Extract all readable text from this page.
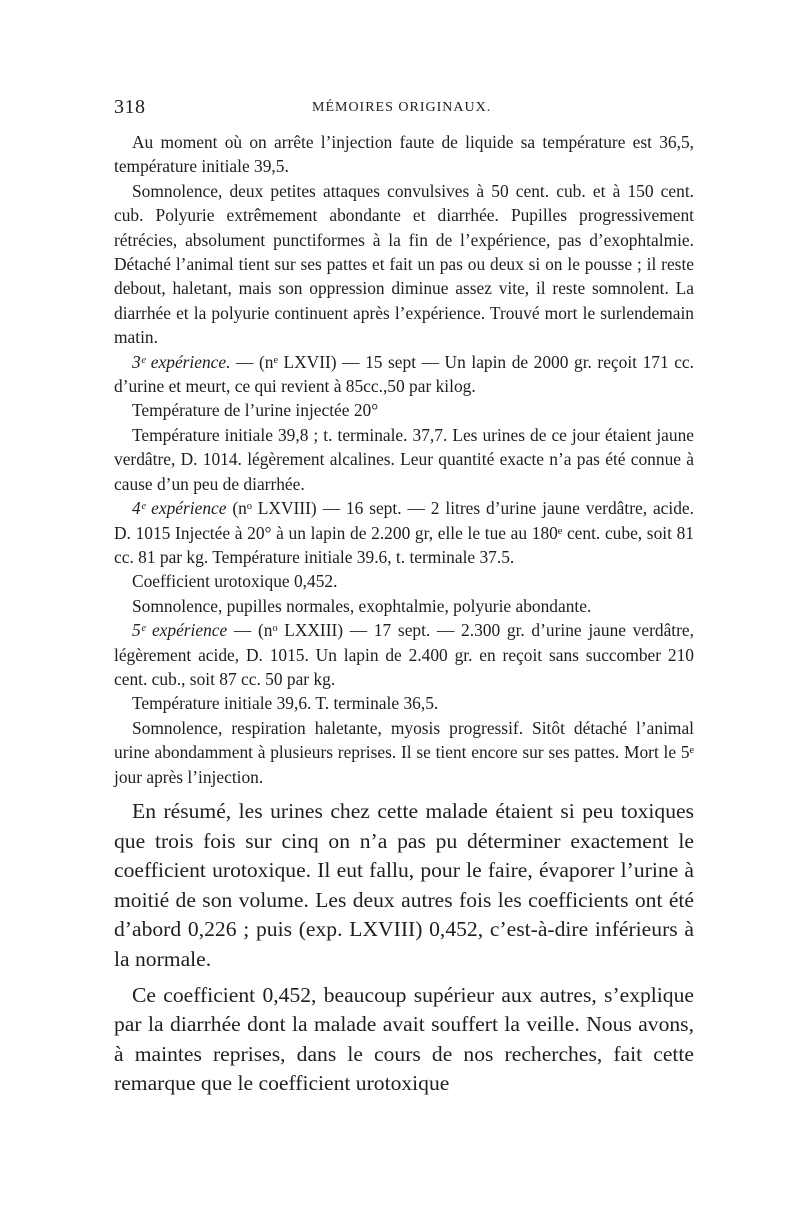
318	MÉMOIRES ORIGINAUX.

Au moment où on arrête l’injection faute de liquide sa température est 36,5, température initiale 39,5.

Somnolence, deux petites attaques convulsives à 50 cent. cub. et à 150 cent. cub. Polyurie extrêmement abondante et diarrhée. Pupilles progressivement rétrécies, absolument punctiformes à la fin de l’expérience, pas d’exophtalmie. Détaché l’animal tient sur ses pattes et fait un pas ou deux si on le pousse ; il reste debout, haletant, mais son oppression diminue assez vite, il reste somnolent. La diarrhée et la polyurie continuent après l’expérience. Trouvé mort le surlendemain matin.

3ᵉ expérience. — (nᵉ LXVII) — 15 sept — Un lapin de 2000 gr. reçoit 171 cc. d’urine et meurt, ce qui revient à 85cc.,50 par kilog.

Température de l’urine injectée 20°

Température initiale 39,8 ; t. terminale. 37,7. Les urines de ce jour étaient jaune verdâtre, D. 1014. légèrement alcalines. Leur quantité exacte n’a pas été connue à cause d’un peu de diarrhée.

4ᵉ expérience (nᵒ LXVIII) — 16 sept. — 2 litres d’urine jaune verdâtre, acide. D. 1015 Injectée à 20° à un lapin de 2.200 gr, elle le tue au 180ᵉ cent. cube, soit 81 cc. 81 par kg. Température initiale 39.6, t. terminale 37.5.

Coefficient urotoxique 0,452.

Somnolence, pupilles normales, exophtalmie, polyurie abondante.

5ᵉ expérience — (nᵒ LXXIII) — 17 sept. — 2.300 gr. d’urine jaune verdâtre, légèrement acide, D. 1015. Un lapin de 2.400 gr. en reçoit sans succomber 210 cent. cub., soit 87 cc. 50 par kg.

Température initiale 39,6. T. terminale 36,5.

Somnolence, respiration haletante, myosis progressif. Sitôt détaché l’animal urine abondamment à plusieurs reprises. Il se tient encore sur ses pattes. Mort le 5ᵉ jour après l’injection.

En résumé, les urines chez cette malade étaient si peu toxiques que trois fois sur cinq on n’a pas pu déterminer exactement le coefficient urotoxique. Il eut fallu, pour le faire, évaporer l’urine à moitié de son volume. Les deux autres fois les coefficients ont été d’abord 0,226 ; puis (exp. LXVIII) 0,452, c’est-à-dire inférieurs à la normale.

Ce coefficient 0,452, beaucoup supérieur aux autres, s’explique par la diarrhée dont la malade avait souffert la veille. Nous avons, à maintes reprises, dans le cours de nos recherches, fait cette remarque que le coefficient urotoxique
